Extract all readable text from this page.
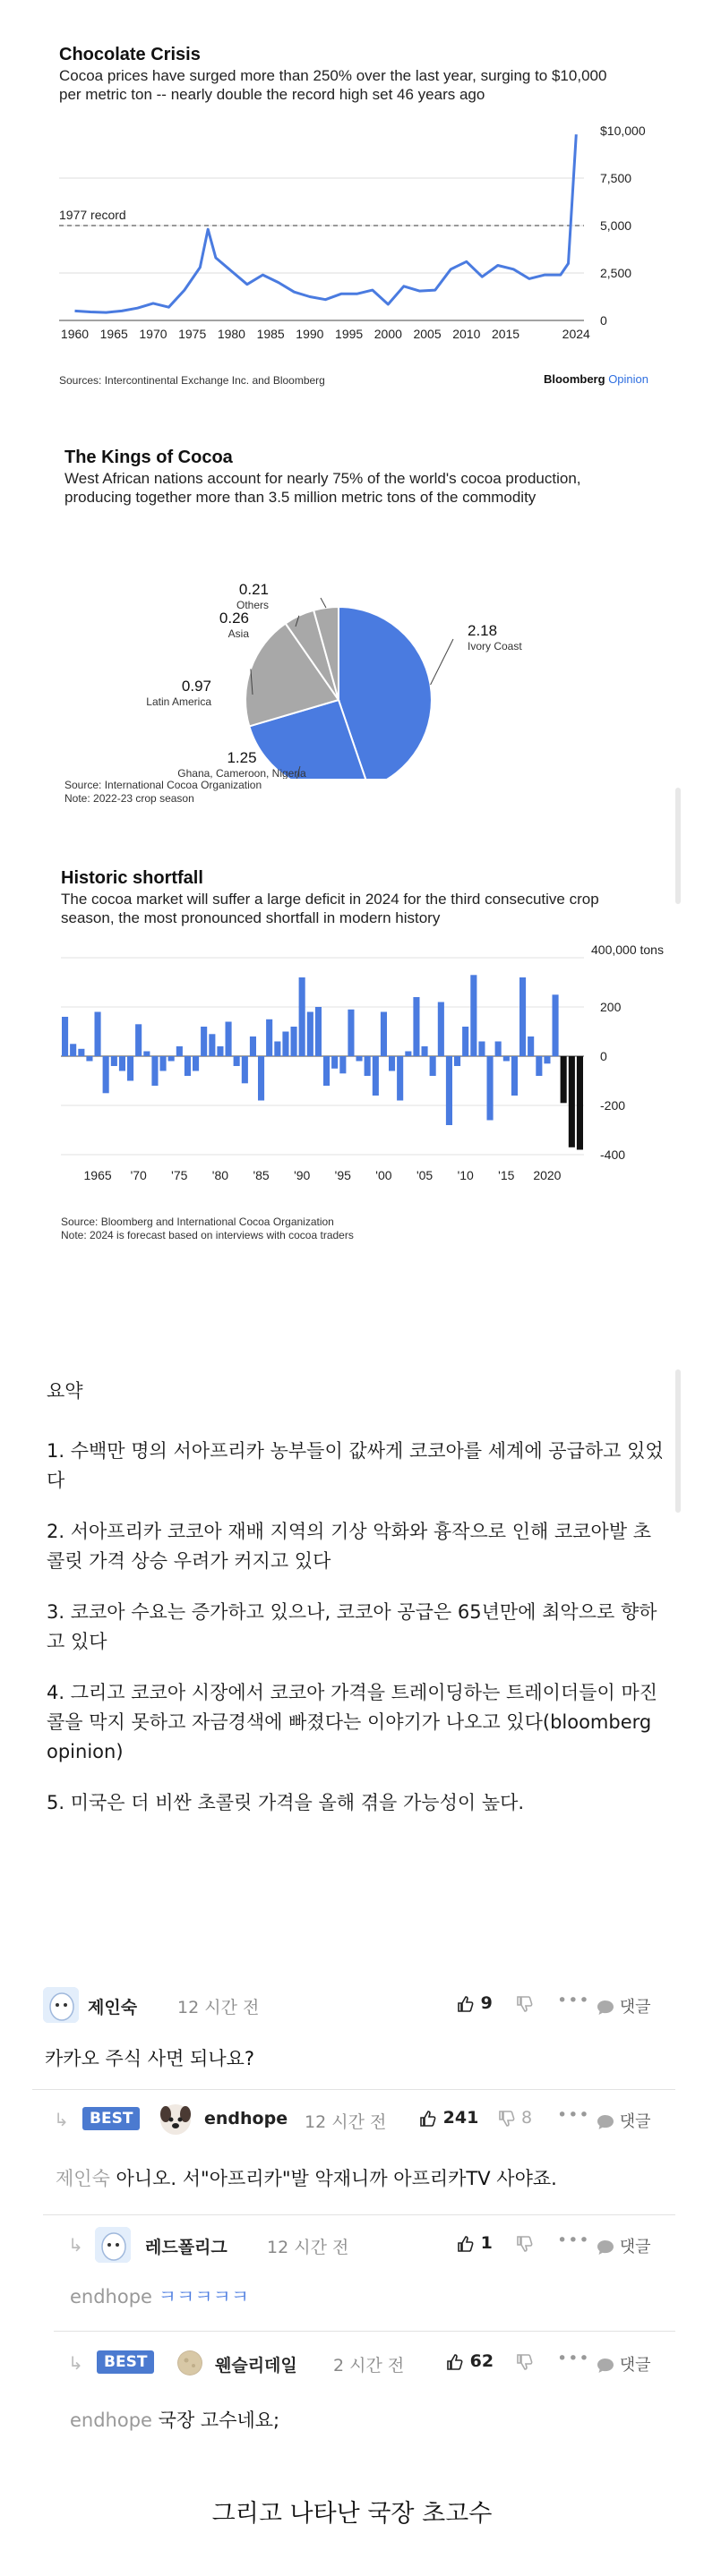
Chocolate Crisis
Cocoa prices have surged more than 250% over the last year, surging to $10,000 per metric ton -- nearly double the record high set 46 years ago
1977 record
$10,000
7,500
5,000
2,500
0
1960 1965 1970 1975 1980 1985 1990 1995 2000 2005 2010 2015	2024
Sources: Intercontinental Exchange Inc. and Bloomberg	Bloomberg Opinion
The Kings of Cocoa
West African nations account for nearly 75% of the world's cocoa production, producing together more than 3.5 million metric tons of the commodity
2.18
Ivory Coast
1.25
Ghana, Cameroon, Nigeria
0.97
Latin America
0.26
Asia
0.21
Others
Source: International Cocoa Organization
Note: 2022-23 crop season
Historic shortfall
The cocoa market will suffer a large deficit in 2024 for the third consecutive crop season, the most pronounced shortfall in modern history
400,000 tons
200
0
-200
-400
1965 '70 '75 '80 '85 '90 '95 '00 '05 '10 '15 2020
Source: Bloomberg and International Cocoa Organization
Note: 2024 is forecast based on interviews with cocoa traders

요약

1. 수백만 명의 서아프리카 농부들이 값싸게 코코아를 세계에 공급하고 있었다

2. 서아프리카 코코아 재배 지역의 기상 악화와 흉작으로 인해 코코아발 초콜릿 가격 상승 우려가 커지고 있다

3. 코코아 수요는 증가하고 있으나, 코코아 공급은 65년만에 최악으로 향하고 있다

4. 그리고 코코아 시장에서 코코아 가격을 트레이딩하는 트레이더들이 마진콜을 막지 못하고 자금경색에 빠졌다는 이야기가 나오고 있다(bloomberg opinion)

5. 미국은 더 비싼 초콜릿 가격을 올해 겪을 가능성이 높다.

제인숙 12 시간 전	9	•••	댓글
카카오 주식 사면 되나요?
↳	BEST	endhope 12 시간 전	241	8 •••	댓글
제인숙 아니오. 서"아프리카"발 악재니까 아프리카TV 사야죠.
↳	레드폴리그 12 시간 전	1	•••	댓글
endhope ㅋㅋㅋㅋㅋ
↳	BEST	웬슬리데일 2 시간 전	62	•••	댓글
endhope 국장 고수네요;
그리고 나타난 국장 초고수
